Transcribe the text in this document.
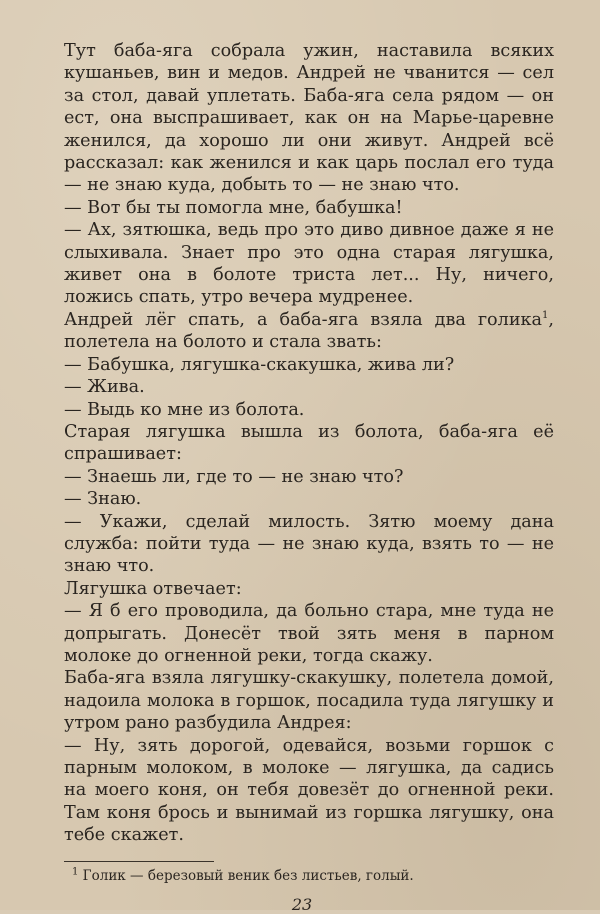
Тут баба-яга собрала ужин, наставила всяких кушаньев, вин и медов. Андрей не чванится — сел за стол, давай уплетать. Баба-яга села рядом — он ест, она выспрашивает, как он на Марье-царевне женился, да хорошо ли они живут. Андрей всё рассказал: как женился и как царь послал его туда — не знаю куда, добыть то — не знаю что.

— Вот бы ты помогла мне, бабушка!

— Ах, зятюшка, ведь про это диво дивное даже я не слыхивала. Знает про это одна старая лягушка, живет она в болоте триста лет... Ну, ничего, ложись спать, утро вечера мудренее.

Андрей лёг спать, а баба-яга взяла два голика$^1$, полетела на болото и стала звать:

— Бабушка, лягушка-скакушка, жива ли?

— Жива.

— Выдь ко мне из болота.

Старая лягушка вышла из болота, баба-яга её спрашивает:

— Знаешь ли, где то — не знаю что?

— Знаю.

— Укажи, сделай милость. Зятю моему дана служба: пойти туда — не знаю куда, взять то — не знаю что.

Лягушка отвечает:

— Я б его проводила, да больно стара, мне туда не допрыгать. Донесёт твой зять меня в парном молоке до огненной реки, тогда скажу.

Баба-яга взяла лягушку-скакушку, полетела домой, надоила молока в горшок, посадила туда лягушку и утром рано разбудила Андрея:

— Ну, зять дорогой, одевайся, возьми горшок с парным молоком, в молоке — лягушка, да садись на моего коня, он тебя довезёт до огненной реки. Там коня брось и вынимай из горшка лягушку, она тебе скажет.

$^1$ Голик — березовый веник без листьев, голый.
23
